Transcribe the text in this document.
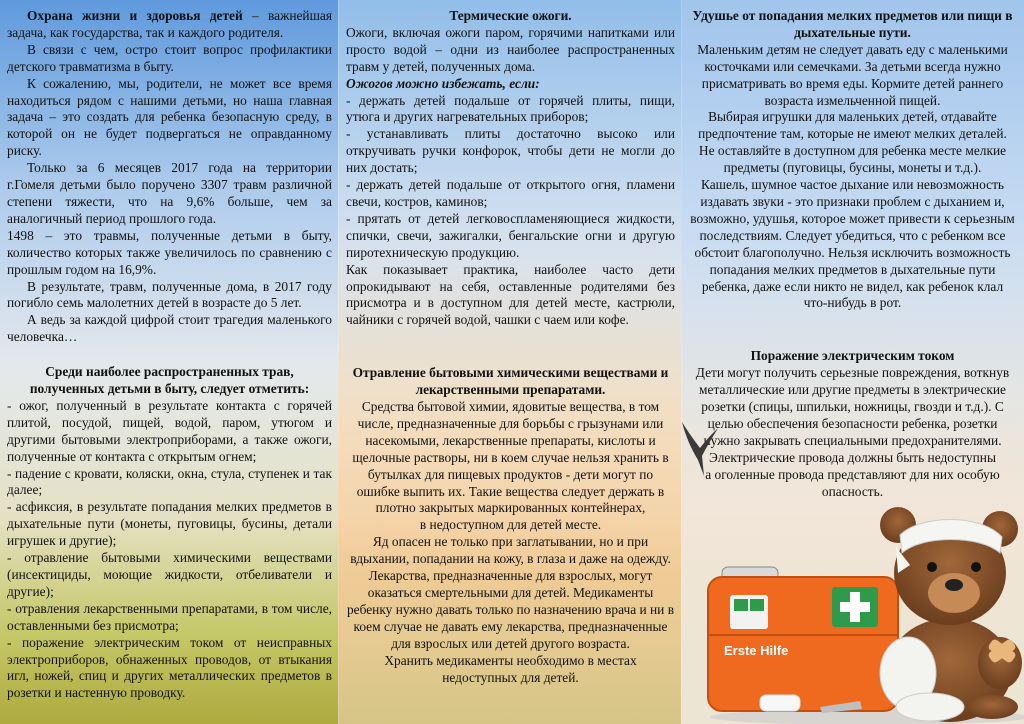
Охрана жизни и здоровья детей – важнейшая задача, как государства, так и каждого родителя.

В связи с чем, остро стоит вопрос профилактики детского травматизма в быту.

К сожалению, мы, родители, не может все время находиться рядом с нашими детьми, но наша главная задача – это создать для ребенка безопасную среду, в которой он не будет подвергаться не оправданному риску.

Только за 6 месяцев 2017 года на территории г.Гомеля детьми было поручено 3307 травм различной степени тяжести, что на 9,6% больше, чем за аналогичный период прошлого года.

1498 – это травмы, полученные детьми в быту, количество которых также увеличилось по сравнению с прошлым годом на 16,9%.

В результате, травм, полученные дома, в 2017 году погибло семь малолетних детей в возрасте до 5 лет.

А ведь за каждой цифрой стоит трагедия маленького человечка…

Среди наиболее распространенных трав, полученных детьми в быту, следует отметить:

- ожог, полученный в результате контакта с горячей плитой, посудой, пищей, водой, паром, утюгом и другими бытовыми электроприборами, а также ожоги, полученные от контакта с открытым огнем;

- падение с кровати, коляски, окна, стула, ступенек и так далее;

- асфиксия, в результате попадания мелких предметов в дыхательные пути (монеты, пуговицы, бусины, детали игрушек и другие);

- отравление бытовыми химическими веществами (инсектициды, моющие жидкости, отбеливатели и другие);

- отравления лекарственными препаратами, в том числе, оставленными без присмотра;

- поражение электрическим током от неисправных электроприборов, обнаженных проводов, от втыкания игл, ножей, спиц и других металлических предметов в розетки и настенную проводку.

Термические ожоги.

Ожоги, включая ожоги паром, горячими напитками или просто водой – одни из наиболее распространенных травм у детей, полученных дома.

Ожогов можно избежать, если:

- держать детей подальше от горячей плиты, пищи, утюга и других нагревательных приборов;

- устанавливать плиты достаточно высоко или откручивать ручки конфорок, чтобы дети не могли до них достать;

- держать детей подальше от открытого огня, пламени свечи, костров, каминов;

- прятать от детей легковоспламеняющиеся жидкости, спички, свечи, зажигалки, бенгальские огни и другую пиротехническую продукцию.

Как показывает практика, наиболее часто дети опрокидывают на себя, оставленные родителями без присмотра и в доступном для детей месте, кастрюли, чайники с горячей водой, чашки с чаем или кофе.

Отравление бытовыми химическими веществами и лекарственными препаратами.

Средства бытовой химии, ядовитые вещества, в том числе, предназначенные для борьбы с грызунами или насекомыми, лекарственные препараты, кислоты и щелочные растворы, ни в коем случае нельзя хранить в бутылках для пищевых продуктов - дети могут по ошибке выпить их. Такие вещества следует держать в плотно закрытых маркированных контейнерах,

в недоступном для детей месте.

Яд опасен не только при заглатывании, но и при вдыхании, попадании на кожу, в глаза и даже на одежду.

Лекарства, предназначенные для взрослых, могут оказаться смертельными для детей. Медикаменты ребенку нужно давать только по назначению врача и ни в коем случае не давать ему лекарства, предназначенные для взрослых или детей другого возраста.

Хранить медикаменты необходимо в местах недоступных для детей.

Удушье от попадания мелких предметов или пищи в дыхательные пути.

Маленьким детям не следует давать еду с маленькими косточками или семечками. За детьми всегда нужно присматривать во время еды. Кормите детей раннего возраста измельченной пищей.

Выбирая игрушки для маленьких детей, отдавайте предпочтение там, которые не имеют мелких деталей. Не оставляйте в доступном для ребенка месте мелкие предметы (пуговицы, бусины, монеты и т.д.).

Кашель, шумное частое дыхание или невозможность издавать звуки - это признаки проблем с дыханием и, возможно, удушья, которое может привести к серьезным последствиям. Следует убедиться, что с ребенком все обстоит благополучно. Нельзя исключить возможность попадания мелких предметов в дыхательные пути ребенка, даже если никто не видел, как ребенок клал что-нибудь в рот.

Поражение электрическим током

Дети могут получить серьезные повреждения, воткнув металлические или другие предметы в электрические розетки (спицы, шпильки, ножницы, гвозди и т.д.). С целью обеспечения безопасности ребенка, розетки нужно закрывать специальными предохранителями.

Электрические провода должны быть недоступны

а оголенные провода представляют для них особую опасность.

Erste Hilfe
